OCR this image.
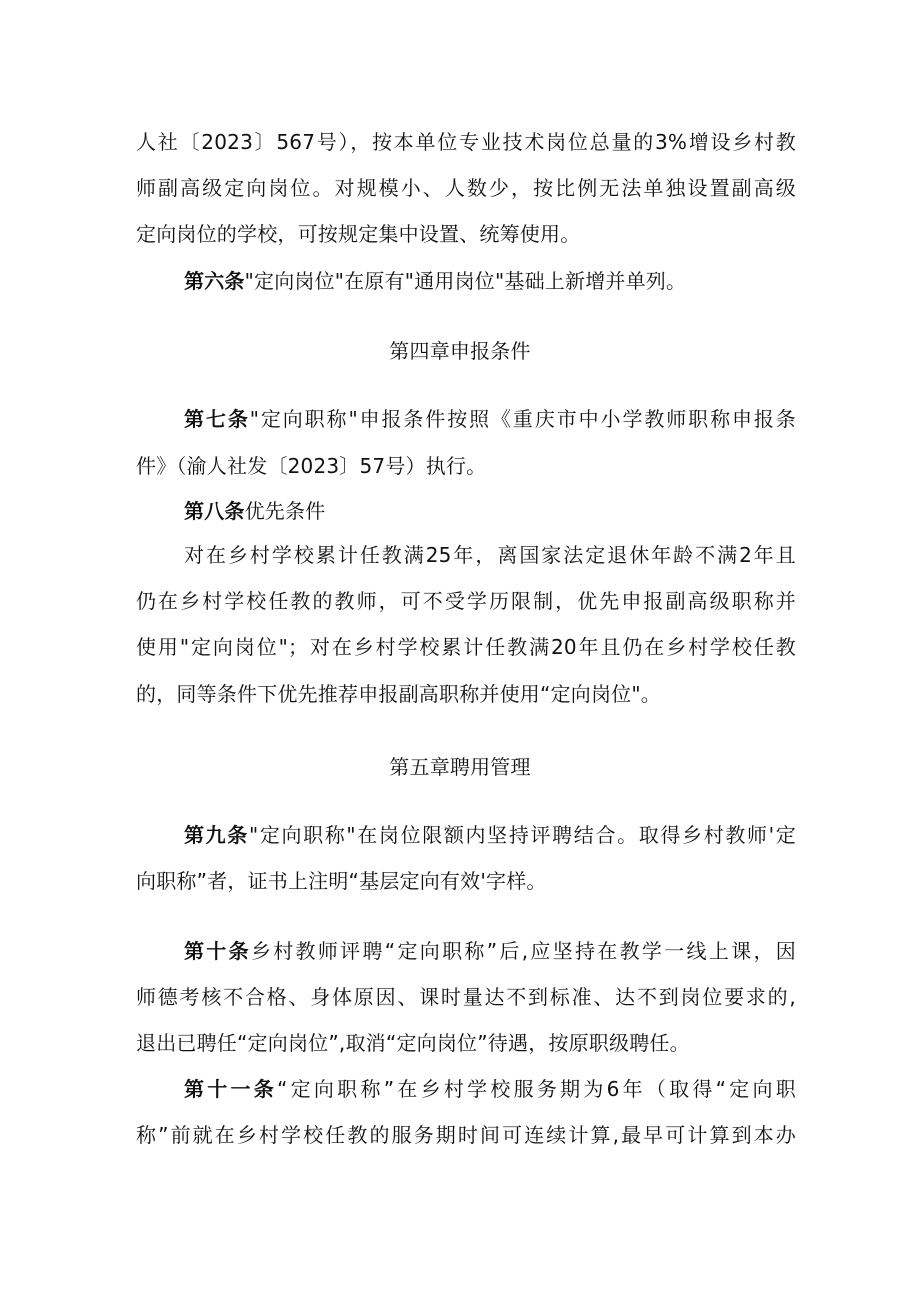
人社〔2023〕567号），按本单位专业技术岗位总量的3%增设乡村教
师副高级定向岗位。对规模小、人数少，按比例无法单独设置副高级
定向岗位的学校，可按规定集中设置、统筹使用。
第六条"定向岗位"在原有"通用岗位"基础上新增并单列。
第四章申报条件
第七条"定向职称"申报条件按照《重庆市中小学教师职称申报条
件》（渝人社发〔2023〕57号）执行。
第八条优先条件
对在乡村学校累计任教满25年，离国家法定退休年龄不满2年且
仍在乡村学校任教的教师，可不受学历限制，优先申报副高级职称并
使用"定向岗位"；对在乡村学校累计任教满20年且仍在乡村学校任教
的，同等条件下优先推荐申报副高职称并使用“定向岗位"。
第五章聘用管理
第九条"定向职称"在岗位限额内坚持评聘结合。取得乡村教师'定
向职称”者，证书上注明“基层定向有效'字样。
第十条乡村教师评聘“定向职称”后,应坚持在教学一线上课，因
师德考核不合格、身体原因、课时量达不到标准、达不到岗位要求的,
退出已聘任“定向岗位”,取消“定向岗位”待遇，按原职级聘任。
第十一条“定向职称”在乡村学校服务期为6年（取得“定向职
称”前就在乡村学校任教的服务期时间可连续计算,最早可计算到本办
